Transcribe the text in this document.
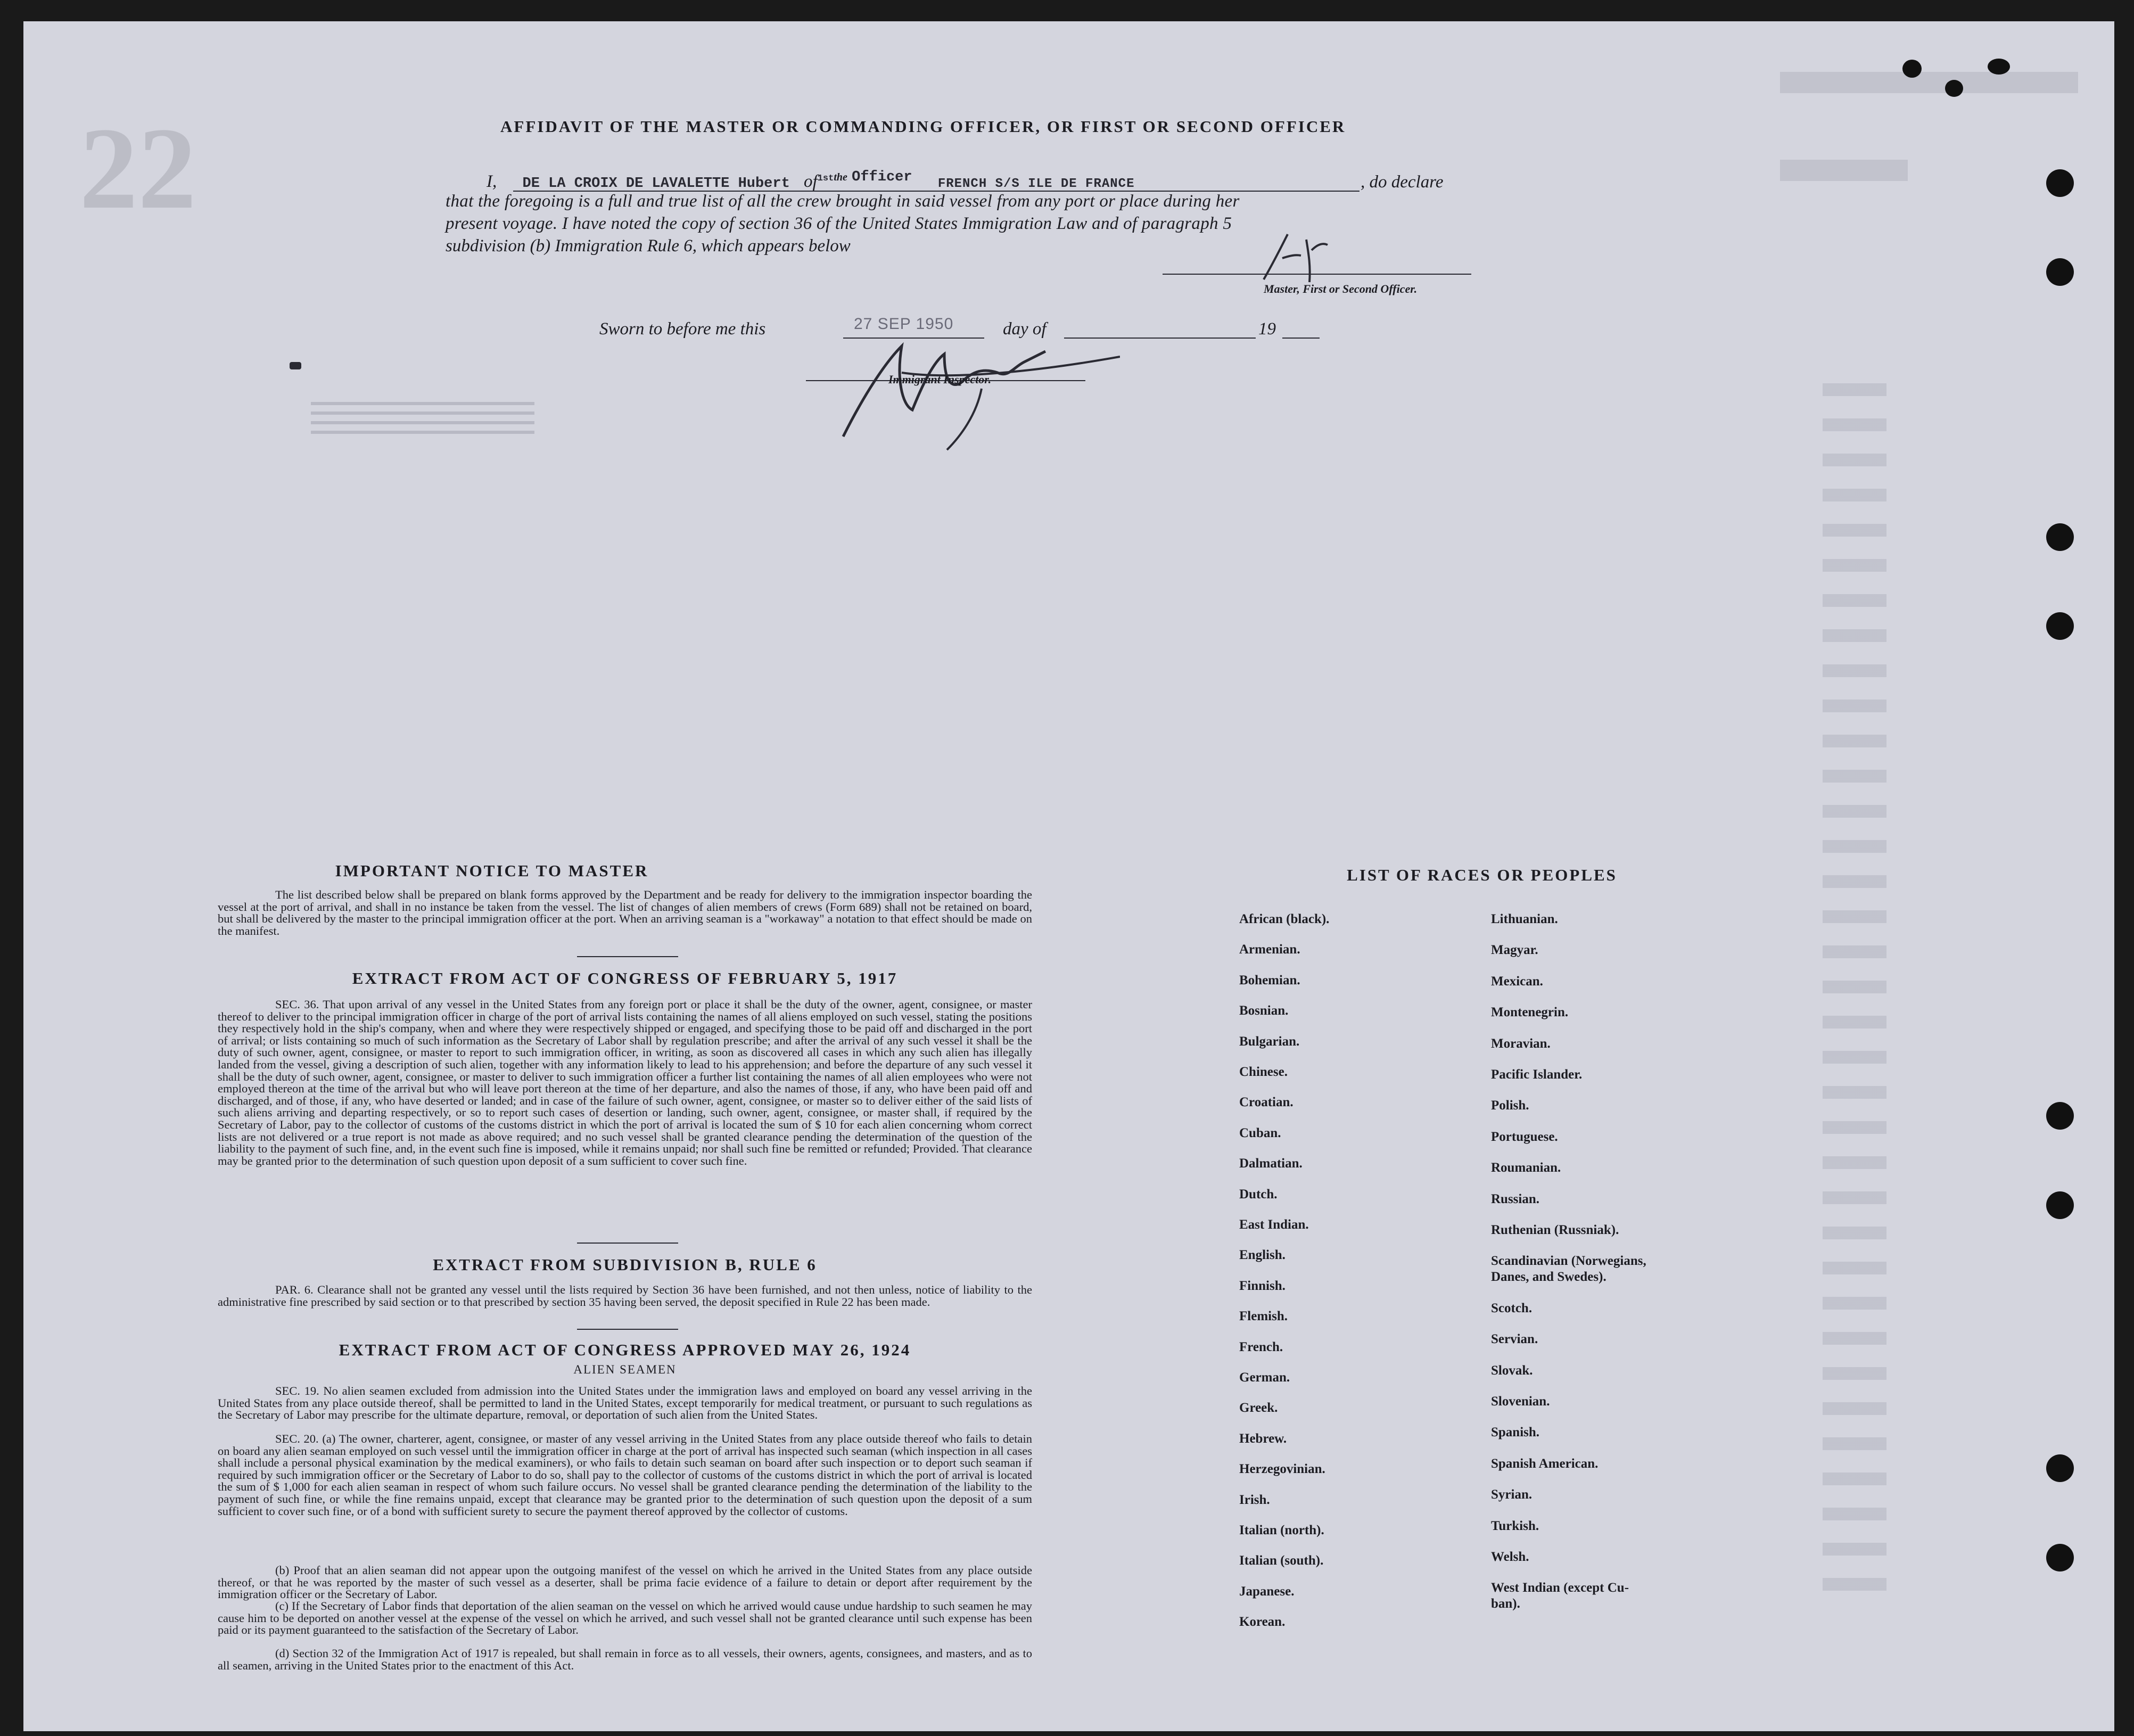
22	AFFIDAVIT OF THE MASTER OR COMMANDING OFFICER, OR FIRST OR SECOND OFFICER
I, DE LA CROIX DE LAVALETTE Hubert $of^{1stthe}$ $^{Officer}$ FRENCH S/S ILE DE FRANCE	, do declare
that the foregoing is a full and true list of all the crew brought in said vessel from any port or place during her
present voyage. I have noted the copy of section 36 of the United States Immigration Law and of paragraph 5
subdivision (b) Immigration Rule 6, which appears below
Master, First or Second Officer.
Sworn to before me this	27 SEP 1950	day of	19
Immigrant Inspector.
IMPORTANT NOTICE TO MASTER
The list described below shall be prepared on blank forms approved by the Department and be ready for delivery to the immigration inspector boarding the vessel at the port of arrival, and shall in no instance be taken from the vessel. The list of changes of alien members of crews (Form 689) shall not be retained on board, but shall be delivered by the master to the principal immigration officer at the port. When an arriving seaman is a "workaway" a notation to that effect should be made on the manifest.
EXTRACT FROM ACT OF CONGRESS OF FEBRUARY 5, 1917
SEC. 36. That upon arrival of any vessel in the United States from any foreign port or place it shall be the duty of the owner, agent, consignee, or master thereof to deliver to the principal immigration officer in charge of the port of arrival lists containing the names of all aliens employed on such vessel, stating the positions they respectively hold in the ship's company, when and where they were respectively shipped or engaged, and specifying those to be paid off and discharged in the port of arrival; or lists containing so much of such information as the Secretary of Labor shall by regulation prescribe; and after the arrival of any such vessel it shall be the duty of such owner, agent, consignee, or master to report to such immigration officer, in writing, as soon as discovered all cases in which any such alien has illegally landed from the vessel, giving a description of such alien, together with any information likely to lead to his apprehension; and before the departure of any such vessel it shall be the duty of such owner, agent, consignee, or master to deliver to such immigration officer a further list containing the names of all alien employees who were not employed thereon at the time of the arrival but who will leave port thereon at the time of her departure, and also the names of those, if any, who have been paid off and discharged, and of those, if any, who have deserted or landed; and in case of the failure of such owner, agent, consignee, or master so to deliver either of the said lists of such aliens arriving and departing respectively, or so to report such cases of desertion or landing, such owner, agent, consignee, or master shall, if required by the Secretary of Labor, pay to the collector of customs of the customs district in which the port of arrival is located the sum of $ 10 for each alien concerning whom correct lists are not delivered or a true report is not made as above required; and no such vessel shall be granted clearance pending the determination of the question of the liability to the payment of such fine, and, in the event such fine is imposed, while it remains unpaid; nor shall such fine be remitted or refunded; Provided. That clearance may be granted prior to the determination of such question upon deposit of a sum sufficient to cover such fine.
EXTRACT FROM SUBDIVISION B, RULE 6
PAR. 6. Clearance shall not be granted any vessel until the lists required by Section 36 have been furnished, and not then unless, notice of liability to the administrative fine prescribed by said section or to that prescribed by section 35 having been served, the deposit specified in Rule 22 has been made.
EXTRACT FROM ACT OF CONGRESS APPROVED MAY 26, 1924
ALIEN SEAMEN
SEC. 19. No alien seamen excluded from admission into the United States under the immigration laws and employed on board any vessel arriving in the United States from any place outside thereof, shall be permitted to land in the United States, except temporarily for medical treatment, or pursuant to such regulations as the Secretary of Labor may prescribe for the ultimate departure, removal, or deportation of such alien from the United States.
SEC. 20. (a) The owner, charterer, agent, consignee, or master of any vessel arriving in the United States from any place outside thereof who fails to detain on board any alien seaman employed on such vessel until the immigration officer in charge at the port of arrival has inspected such seaman (which inspection in all cases shall include a personal physical examination by the medical examiners), or who fails to detain such seaman on board after such inspection or to deport such seaman if required by such immigration officer or the Secretary of Labor to do so, shall pay to the collector of customs of the customs district in which the port of arrival is located the sum of $ 1,000 for each alien seaman in respect of whom such failure occurs. No vessel shall be granted clearance pending the determination of the liability to the payment of such fine, or while the fine remains unpaid, except that clearance may be granted prior to the determination of such question upon the deposit of a sum sufficient to cover such fine, or of a bond with sufficient surety to secure the payment thereof approved by the collector of customs.
(b) Proof that an alien seaman did not appear upon the outgoing manifest of the vessel on which he arrived in the United States from any place outside thereof, or that he was reported by the master of such vessel as a deserter, shall be prima facie evidence of a failure to detain or deport after requirement by the immigration officer or the Secretary of Labor.
(c) If the Secretary of Labor finds that deportation of the alien seaman on the vessel on which he arrived would cause undue hardship to such seamen he may cause him to be deported on another vessel at the expense of the vessel on which he arrived, and such vessel shall not be granted clearance until such expense has been paid or its payment guaranteed to the satisfaction of the Secretary of Labor.
(d) Section 32 of the Immigration Act of 1917 is repealed, but shall remain in force as to all vessels, their owners, agents, consignees, and masters, and as to all seamen, arriving in the United States prior to the enactment of this Act.
LIST OF RACES OR PEOPLES
African (black).
Armenian.
Bohemian.
Bosnian.
Bulgarian.
Chinese.
Croatian.
Cuban.
Dalmatian.
Dutch.
East Indian.
English.
Finnish.
Flemish.
French.
German.
Greek.
Hebrew.
Herzegovinian.
Irish.
Italian (north).
Italian (south).
Japanese.
Korean.
Lithuanian.
Magyar.
Mexican.
Montenegrin.
Moravian.
Pacific Islander.
Polish.
Portuguese.
Roumanian.
Russian.
Ruthenian (Russniak).
Scandinavian (Norwegians,
Danes, and Swedes).
Scotch.
Servian.
Slovak.
Slovenian.
Spanish.
Spanish American.
Syrian.
Turkish.
Welsh.
West Indian (except Cu-
ban).
